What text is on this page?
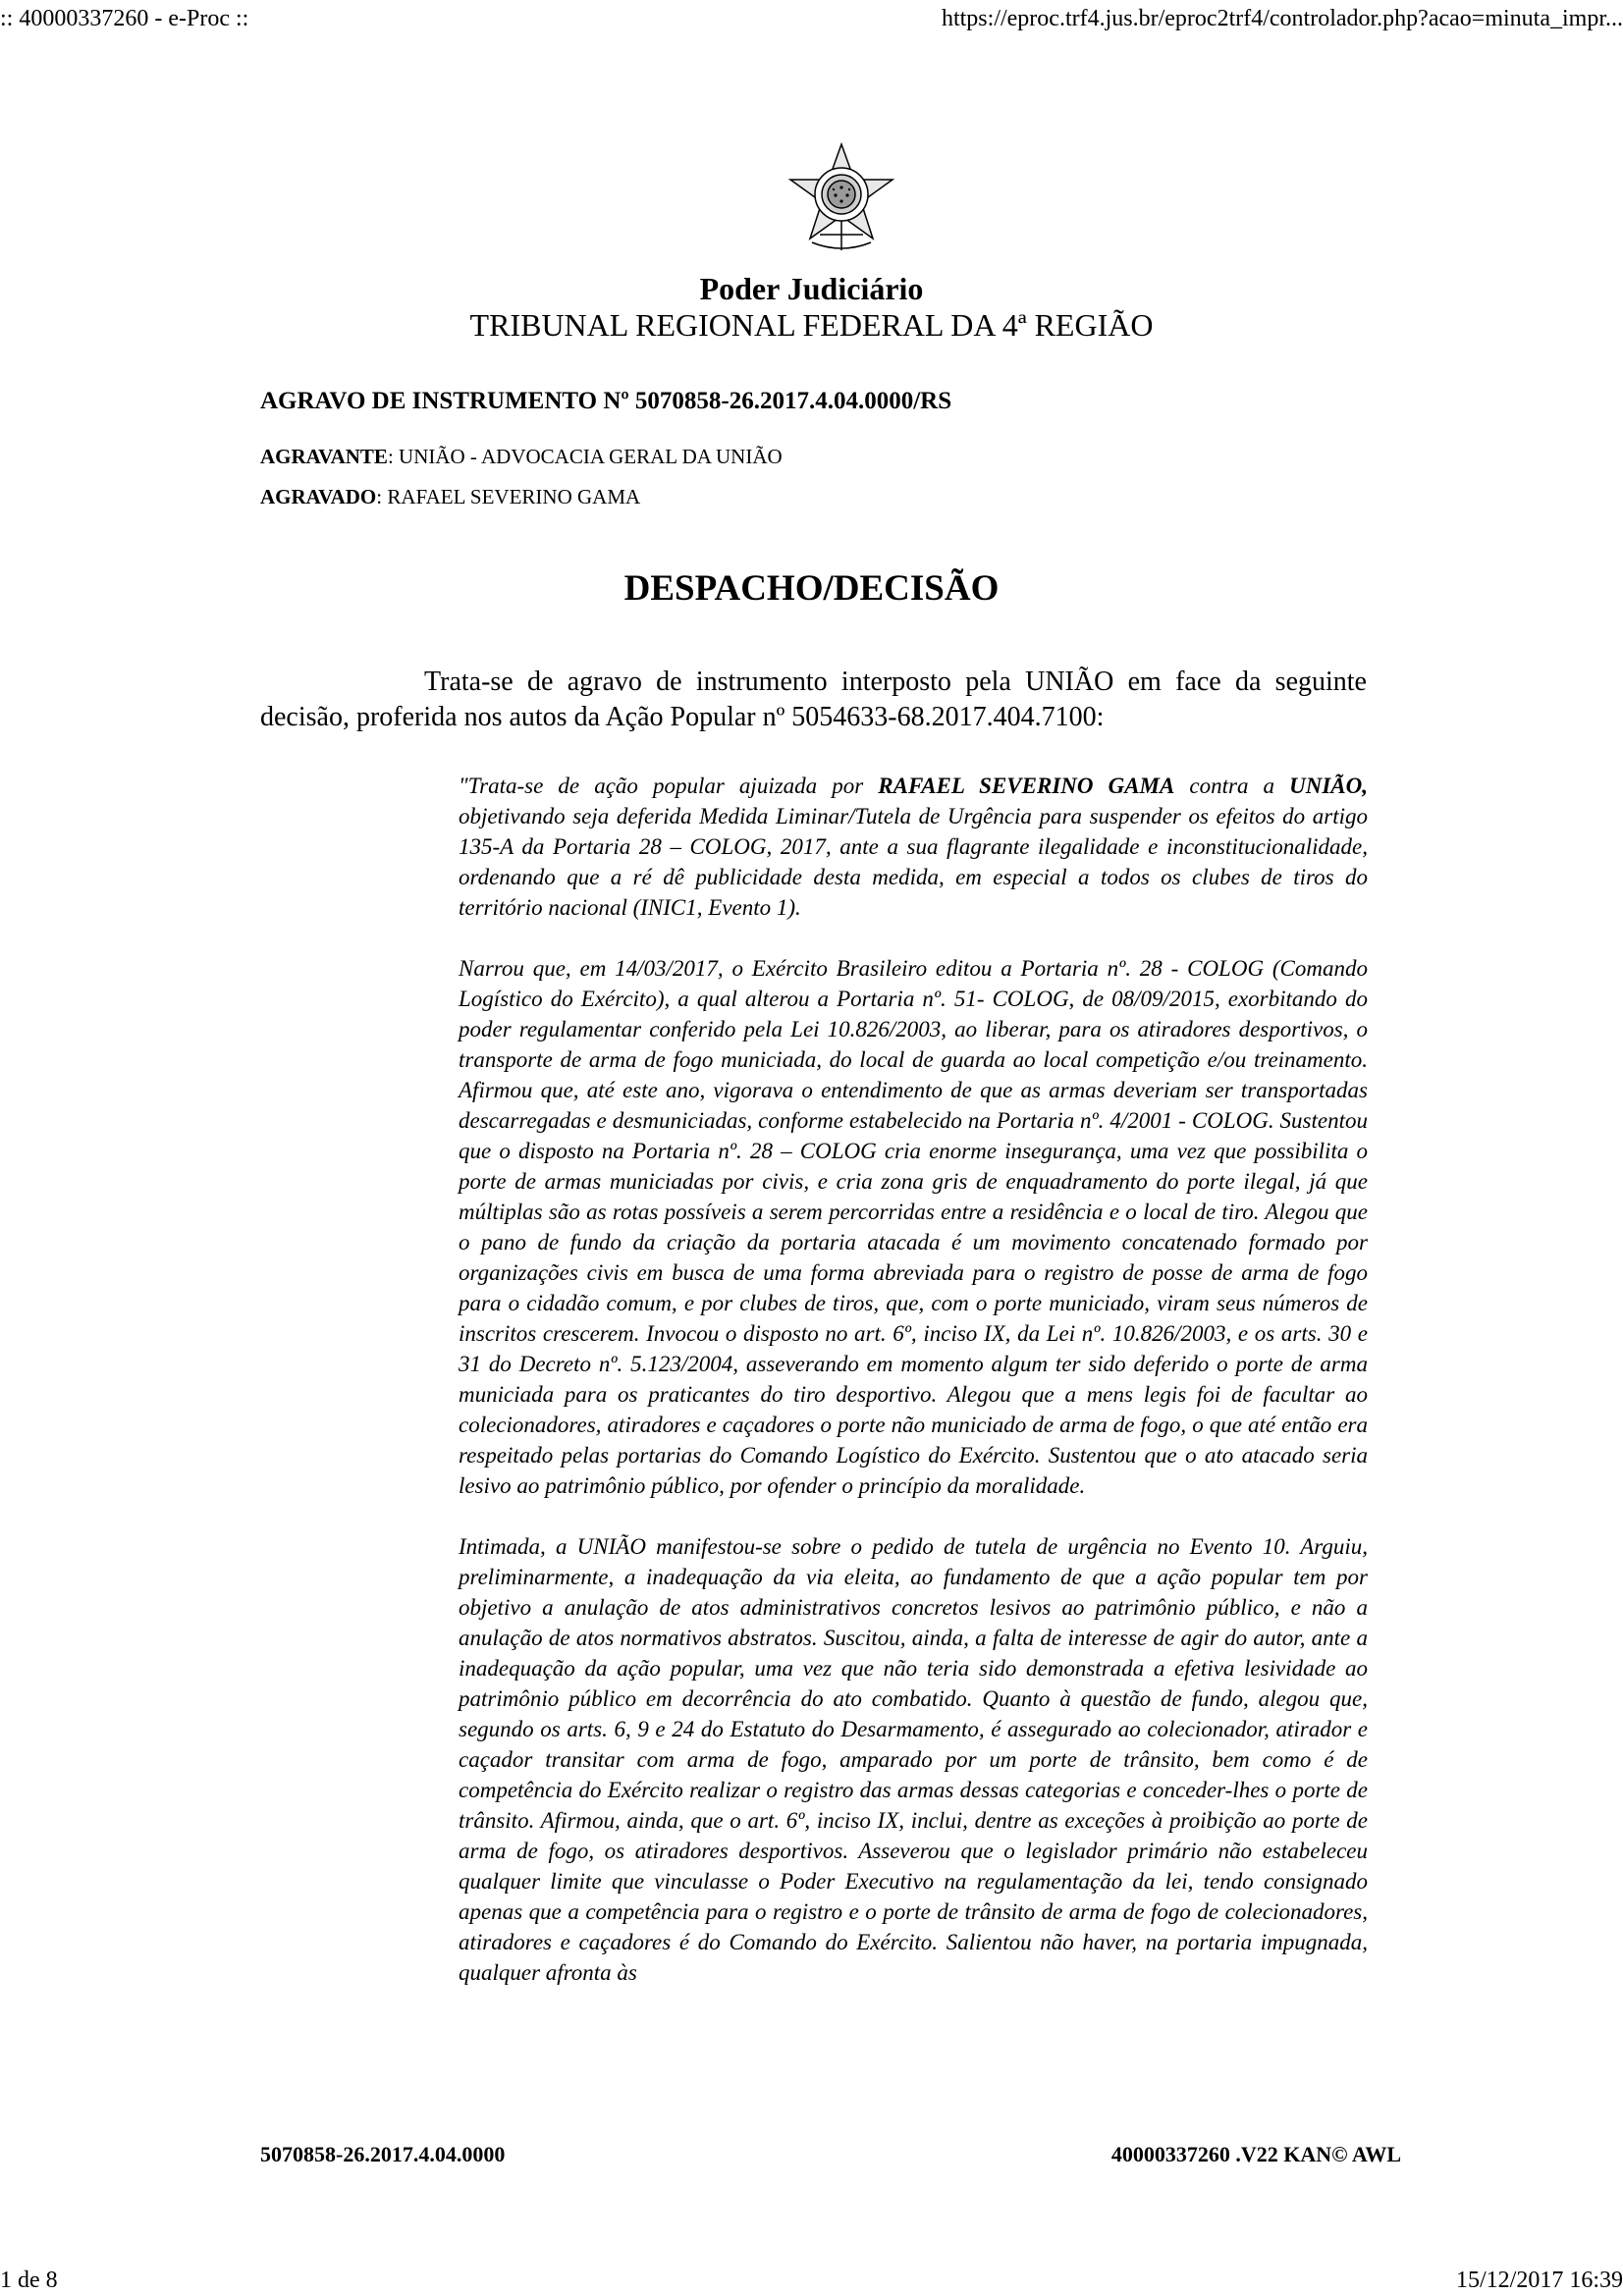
:: 40000337260 - e-Proc ::	https://eproc.trf4.jus.br/eproc2trf4/controlador.php?acao=minuta_impr...
Poder Judiciário
TRIBUNAL REGIONAL FEDERAL DA 4ª REGIÃO
AGRAVO DE INSTRUMENTO Nº 5070858-26.2017.4.04.0000/RS
AGRAVANTE: UNIÃO - ADVOCACIA GERAL DA UNIÃO
AGRAVADO: RAFAEL SEVERINO GAMA
DESPACHO/DECISÃO
Trata-se de agravo de instrumento interposto pela UNIÃO em face da seguinte decisão, proferida nos autos da Ação Popular nº 5054633-68.2017.404.7100:

"Trata-se de ação popular ajuizada por RAFAEL SEVERINO GAMA contra a UNIÃO, objetivando seja deferida Medida Liminar/Tutela de Urgência para suspender os efeitos do artigo 135-A da Portaria 28 – COLOG, 2017, ante a sua flagrante ilegalidade e inconstitucionalidade, ordenando que a ré dê publicidade desta medida, em especial a todos os clubes de tiros do território nacional (INIC1, Evento 1).

Narrou que, em 14/03/2017, o Exército Brasileiro editou a Portaria nº. 28 - COLOG (Comando Logístico do Exército), a qual alterou a Portaria nº. 51- COLOG, de 08/09/2015, exorbitando do poder regulamentar conferido pela Lei 10.826/2003, ao liberar, para os atiradores desportivos, o transporte de arma de fogo municiada, do local de guarda ao local competição e/ou treinamento. Afirmou que, até este ano, vigorava o entendimento de que as armas deveriam ser transportadas descarregadas e desmuniciadas, conforme estabelecido na Portaria nº. 4/2001 - COLOG. Sustentou que o disposto na Portaria nº. 28 – COLOG cria enorme insegurança, uma vez que possibilita o porte de armas municiadas por civis, e cria zona gris de enquadramento do porte ilegal, já que múltiplas são as rotas possíveis a serem percorridas entre a residência e o local de tiro. Alegou que o pano de fundo da criação da portaria atacada é um movimento concatenado formado por organizações civis em busca de uma forma abreviada para o registro de posse de arma de fogo para o cidadão comum, e por clubes de tiros, que, com o porte municiado, viram seus números de inscritos crescerem. Invocou o disposto no art. 6º, inciso IX, da Lei nº. 10.826/2003, e os arts. 30 e 31 do Decreto nº. 5.123/2004, asseverando em momento algum ter sido deferido o porte de arma municiada para os praticantes do tiro desportivo. Alegou que a mens legis foi de facultar ao colecionadores, atiradores e caçadores o porte não municiado de arma de fogo, o que até então era respeitado pelas portarias do Comando Logístico do Exército. Sustentou que o ato atacado seria lesivo ao patrimônio público, por ofender o princípio da moralidade.

Intimada, a UNIÃO manifestou-se sobre o pedido de tutela de urgência no Evento 10. Arguiu, preliminarmente, a inadequação da via eleita, ao fundamento de que a ação popular tem por objetivo a anulação de atos administrativos concretos lesivos ao patrimônio público, e não a anulação de atos normativos abstratos. Suscitou, ainda, a falta de interesse de agir do autor, ante a inadequação da ação popular, uma vez que não teria sido demonstrada a efetiva lesividade ao patrimônio público em decorrência do ato combatido. Quanto à questão de fundo, alegou que, segundo os arts. 6, 9 e 24 do Estatuto do Desarmamento, é assegurado ao colecionador, atirador e caçador transitar com arma de fogo, amparado por um porte de trânsito, bem como é de competência do Exército realizar o registro das armas dessas categorias e conceder-lhes o porte de trânsito. Afirmou, ainda, que o art. 6º, inciso IX, inclui, dentre as exceções à proibição ao porte de arma de fogo, os atiradores desportivos. Asseverou que o legislador primário não estabeleceu qualquer limite que vinculasse o Poder Executivo na regulamentação da lei, tendo consignado apenas que a competência para o registro e o porte de trânsito de arma de fogo de colecionadores, atiradores e caçadores é do Comando do Exército. Salientou não haver, na portaria impugnada, qualquer afronta às

5070858-26.2017.4.04.0000	40000337260 .V22 KAN© AWL
1 de 8	15/12/2017 16:39
